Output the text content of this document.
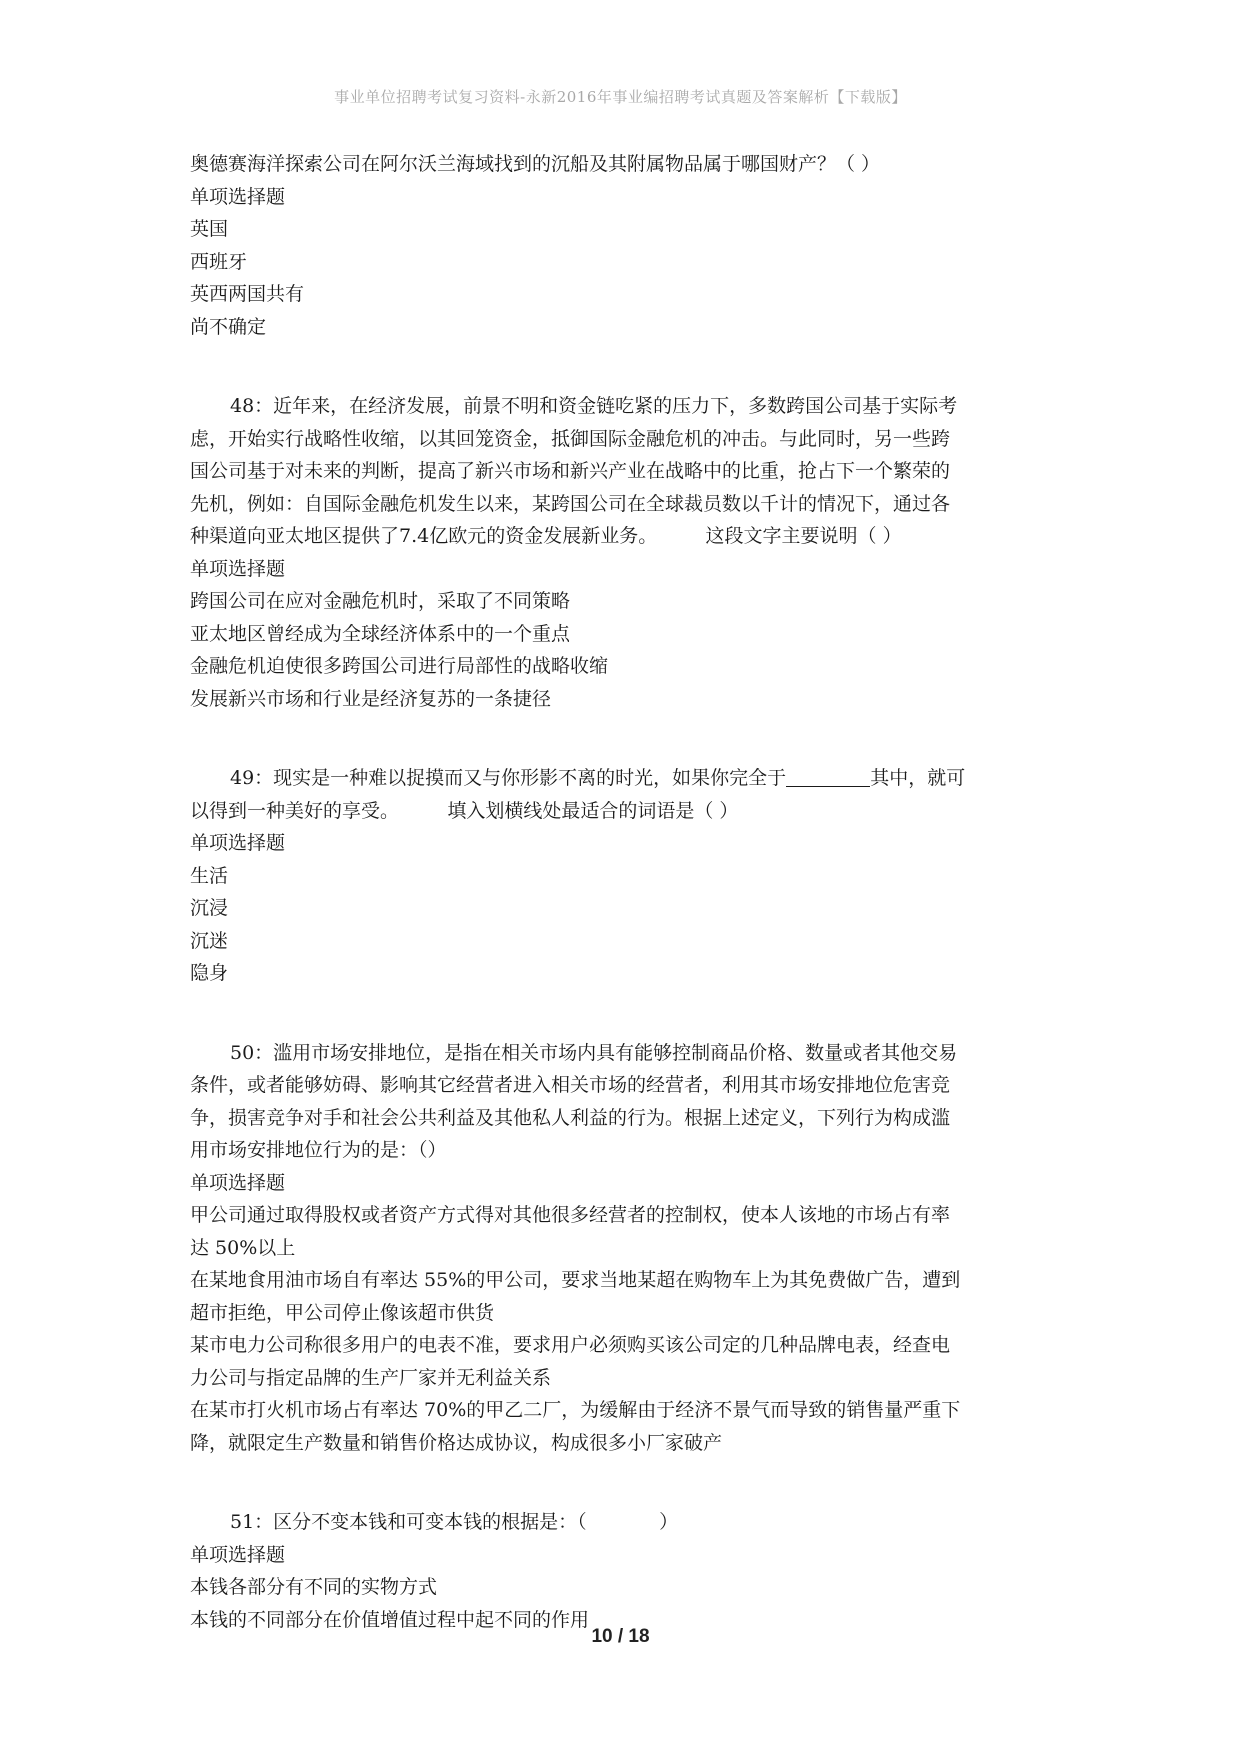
事业单位招聘考试复习资料-永新2016年事业编招聘考试真题及答案解析【下载版】
奥德赛海洋探索公司在阿尔沃兰海域找到的沉船及其附属物品属于哪国财产？（ ）
单项选择题
英国
西班牙
英西两国共有
尚不确定
48：近年来，在经济发展，前景不明和资金链吃紧的压力下，多数跨国公司基于实际考
虑，开始实行战略性收缩，以其回笼资金，抵御国际金融危机的冲击。与此同时，另一些跨
国公司基于对未来的判断，提高了新兴市场和新兴产业在战略中的比重，抢占下一个繁荣的
先机，例如：自国际金融危机发生以来，某跨国公司在全球裁员数以千计的情况下，通过各
种渠道向亚太地区提供了7.4亿欧元的资金发展新业务。        这段文字主要说明（ ）
单项选择题
跨国公司在应对金融危机时，采取了不同策略
亚太地区曾经成为全球经济体系中的一个重点
金融危机迫使很多跨国公司进行局部性的战略收缩
发展新兴市场和行业是经济复苏的一条捷径
49：现实是一种难以捉摸而又与你形影不离的时光，如果你完全于	其中，就可
以得到一种美好的享受。        填入划横线处最适合的词语是（ ）
单项选择题
生活
沉浸
沉迷
隐身
50：滥用市场安排地位，是指在相关市场内具有能够控制商品价格、数量或者其他交易
条件，或者能够妨碍、影响其它经营者进入相关市场的经营者，利用其市场安排地位危害竞
争，损害竞争对手和社会公共利益及其他私人利益的行为。根据上述定义，下列行为构成滥
用市场安排地位行为的是：（）
单项选择题
甲公司通过取得股权或者资产方式得对其他很多经营者的控制权，使本人该地的市场占有率
达 50%以上
在某地食用油市场自有率达 55%的甲公司，要求当地某超在购物车上为其免费做广告，遭到
超市拒绝，甲公司停止像该超市供货
某市电力公司称很多用户的电表不准，要求用户必须购买该公司定的几种品牌电表，经查电
力公司与指定品牌的生产厂家并无利益关系
在某市打火机市场占有率达 70%的甲乙二厂，为缓解由于经济不景气而导致的销售量严重下
降，就限定生产数量和销售价格达成协议，构成很多小厂家破产
51：区分不变本钱和可变本钱的根据是：（            ）
单项选择题
本钱各部分有不同的实物方式
本钱的不同部分在价值增值过程中起不同的作用
10 / 18
